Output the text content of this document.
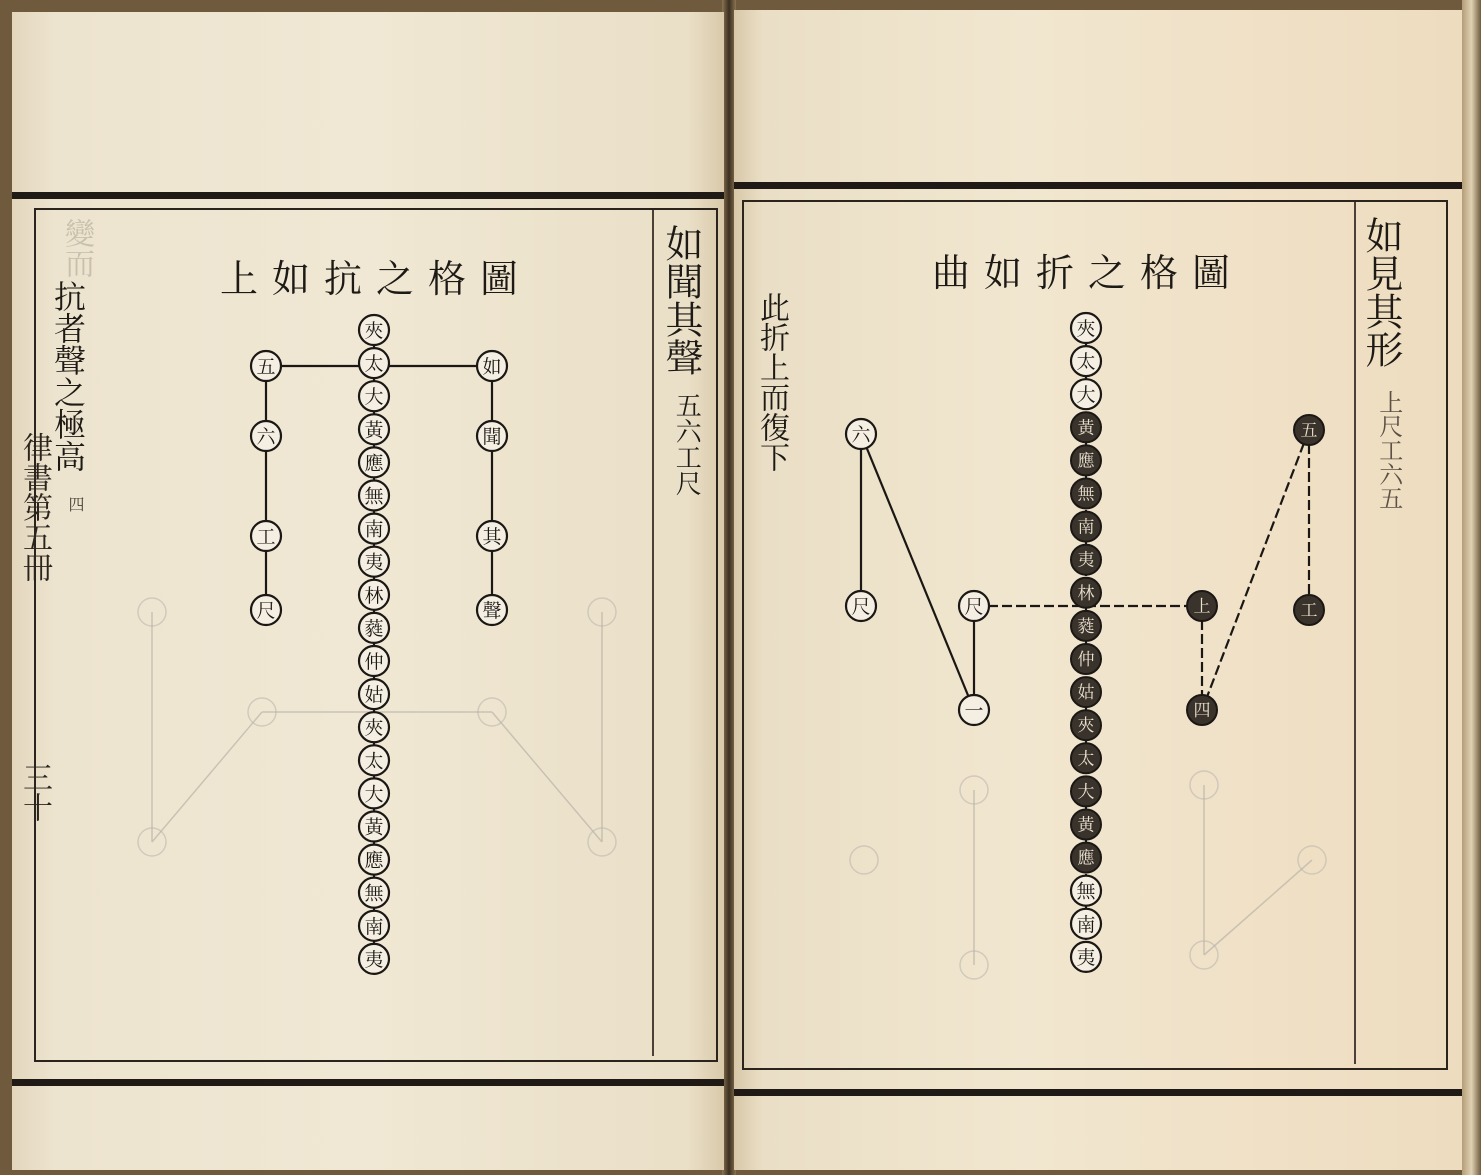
變而
抗者聲之極高
四
律書第五冊
三十
上如抗之格圖	如聞其聲
五六工尺
夾
太
大
黃
應
無
南
夷
林
蕤
仲
姑
夾
太
大
黃
應
無
南
夷
五
六
工
尺
如
聞
其
聲
曲如折之格圖
此折上而復下	如見其形
上尺工六五
夾
太
大
黃
應
無
南
夷
林
蕤
仲
姑
夾
太
大
黃
應
無
南
夷
六
尺	尺
一
五
工
上
四
